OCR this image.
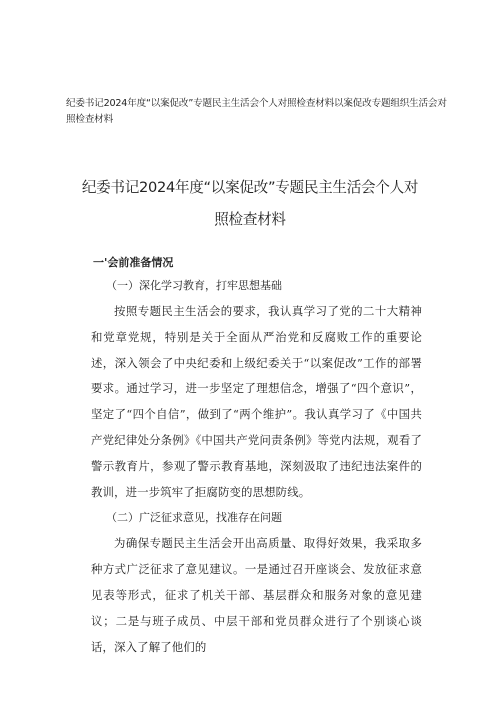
纪委书记2024年度“以案促改”专题民主生活会个人对照检查材料以案促改专题组织生活会对照检查材料
纪委书记2024年度“以案促改”专题民主生活会个人对
照检查材料
一'会前准备情况
（一）深化学习教育，打牢思想基础

按照专题民主生活会的要求，我认真学习了党的二十大精神和党章党规，特别是关于全面从严治党和反腐败工作的重要论述，深入领会了中央纪委和上级纪委关于“以案促改”工作的部署要求。通过学习，进一步坚定了理想信念，增强了“四个意识”，坚定了“四个自信”，做到了“两个维护”。我认真学习了《中国共产党纪律处分条例》《中国共产党问责条例》等党内法规，观看了警示教育片，参观了警示教育基地，深刻汲取了违纪违法案件的教训，进一步筑牢了拒腐防变的思想防线。

（二）广泛征求意见，找准存在问题

为确保专题民主生活会开出高质量、取得好效果，我采取多种方式广泛征求了意见建议。一是通过召开座谈会、发放征求意见表等形式，征求了机关干部、基层群众和服务对象的意见建议；二是与班子成员、中层干部和党员群众进行了个别谈心谈话，深入了解了他们的
